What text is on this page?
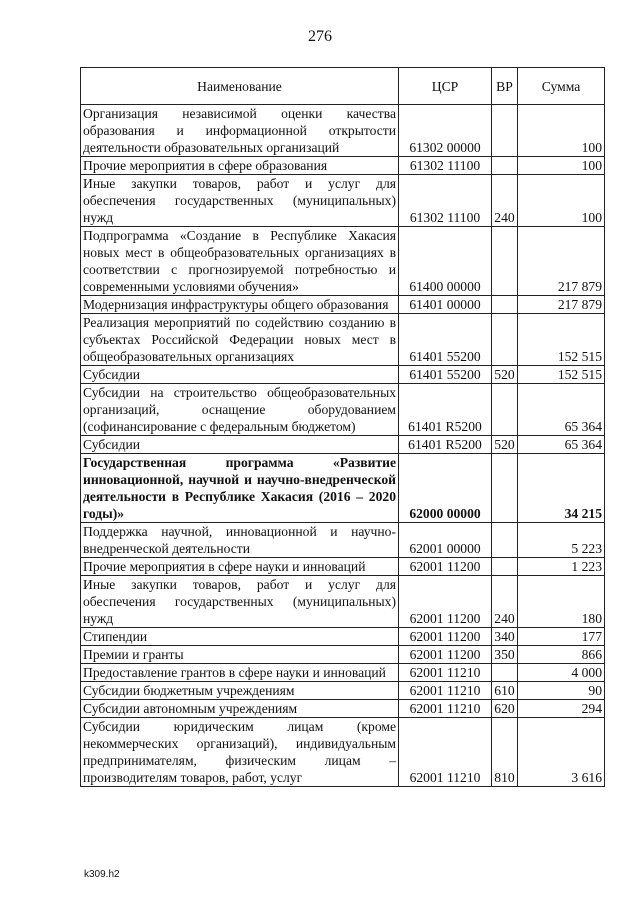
276
Наименование	ЦСР	ВР	Сумма
Организация независимой оценки качества образования и информационной открытости деятельности образовательных организаций	61302 00000		100
Прочие мероприятия в сфере образования	61302 11100		100
Иные закупки товаров, работ и услуг для обеспечения государственных (муниципальных) нужд	61302 11100	240	100
Подпрограмма «Создание в Республике Хакасия новых мест в общеобразовательных организациях в соответствии с прогнозируемой потребностью и современными условиями обучения»	61400 00000		217 879
Модернизация инфраструктуры общего образования	61401 00000		217 879
Реализация мероприятий по содействию созданию в субъектах Российской Федерации новых мест в общеобразовательных организациях	61401 55200		152 515
Субсидии	61401 55200	520	152 515
Субсидии на строительство общеобразовательных организаций, оснащение оборудованием (софинансирование с федеральным бюджетом)	61401 R5200		65 364
Субсидии	61401 R5200	520	65 364
Государственная программа «Развитие инновационной, научной и научно-внедренческой деятельности в Республике Хакасия (2016 – 2020 годы)»	62000 00000		34 215
Поддержка научной, инновационной и научно-внедренческой деятельности	62001 00000		5 223
Прочие мероприятия в сфере науки и инноваций	62001 11200		1 223
Иные закупки товаров, работ и услуг для обеспечения государственных (муниципальных) нужд	62001 11200	240	180
Стипендии	62001 11200	340	177
Премии и гранты	62001 11200	350	866
Предоставление грантов в сфере науки и инноваций	62001 11210		4 000
Субсидии бюджетным учреждениям	62001 11210	610	90
Субсидии автономным учреждениям	62001 11210	620	294
Субсидии юридическим лицам (кроме некоммерческих организаций), индивидуальным предпринимателям, физическим лицам – производителям товаров, работ, услуг	62001 11210	810	3 616
k309.h2
